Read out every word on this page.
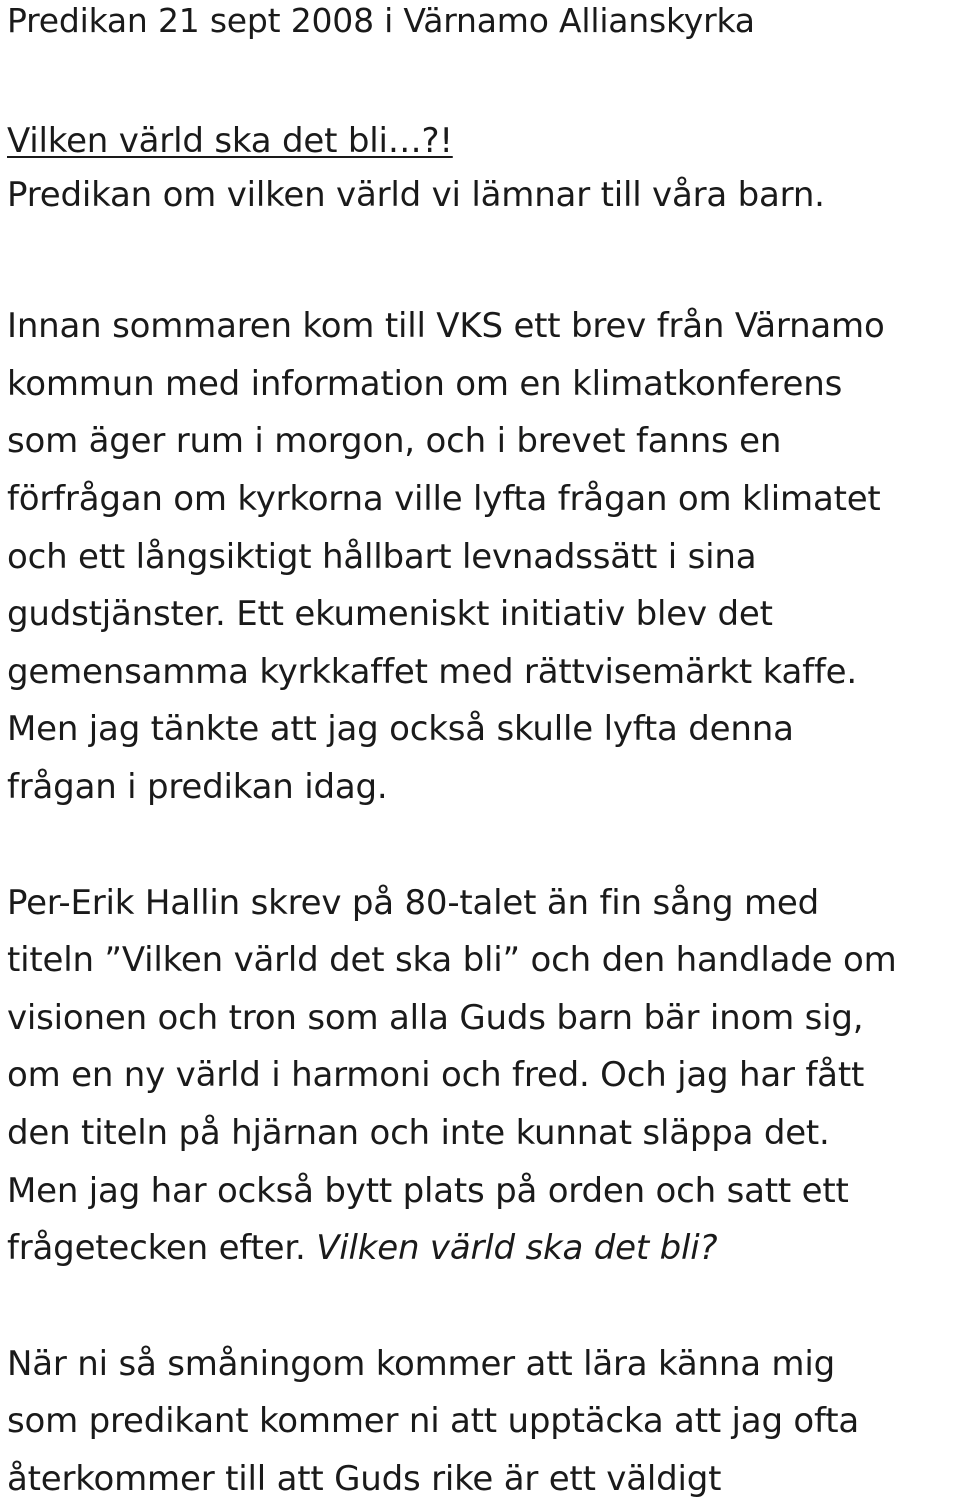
Predikan 21 sept 2008 i Värnamo Allianskyrka
Vilken värld ska det bli…?!
Predikan om vilken värld vi lämnar till våra barn.
Innan sommaren kom till VKS ett brev från Värnamo
kommun med information om en klimatkonferens
som äger rum i morgon, och i brevet fanns en
förfrågan om kyrkorna ville lyfta frågan om klimatet
och ett långsiktigt hållbart levnadssätt i sina
gudstjänster. Ett ekumeniskt initiativ blev det
gemensamma kyrkkaffet med rättvisemärkt kaffe.
Men jag tänkte att jag också skulle lyfta denna
frågan i predikan idag.
Per-Erik Hallin skrev på 80-talet än fin sång med
titeln ”Vilken värld det ska bli” och den handlade om
visionen och tron som alla Guds barn bär inom sig,
om en ny värld i harmoni och fred. Och jag har fått
den titeln på hjärnan och inte kunnat släppa det.
Men jag har också bytt plats på orden och satt ett
frågetecken efter. Vilken värld ska det bli?
När ni så småningom kommer att lära känna mig
som predikant kommer ni att upptäcka att jag ofta
återkommer till att Guds rike är ett väldigt
